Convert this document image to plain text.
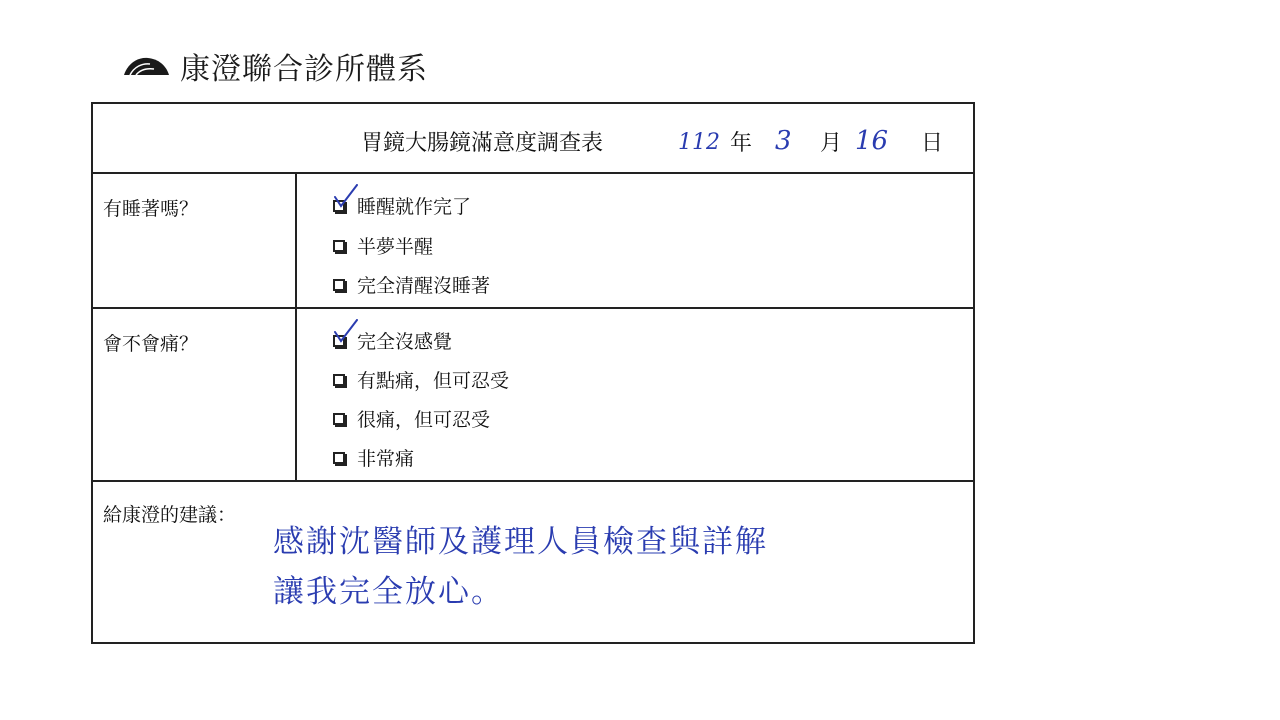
康澄聯合診所體系
胃鏡大腸鏡滿意度調查表	112 年 3 月 16 日
有睡著嗎？	睡醒就作完了
半夢半醒
完全清醒沒睡著
會不會痛？	完全沒感覺
有點痛，但可忍受
很痛，但可忍受
非常痛
給康澄的建議：
感謝沈醫師及護理人員檢查與詳解
讓我完全放心。
